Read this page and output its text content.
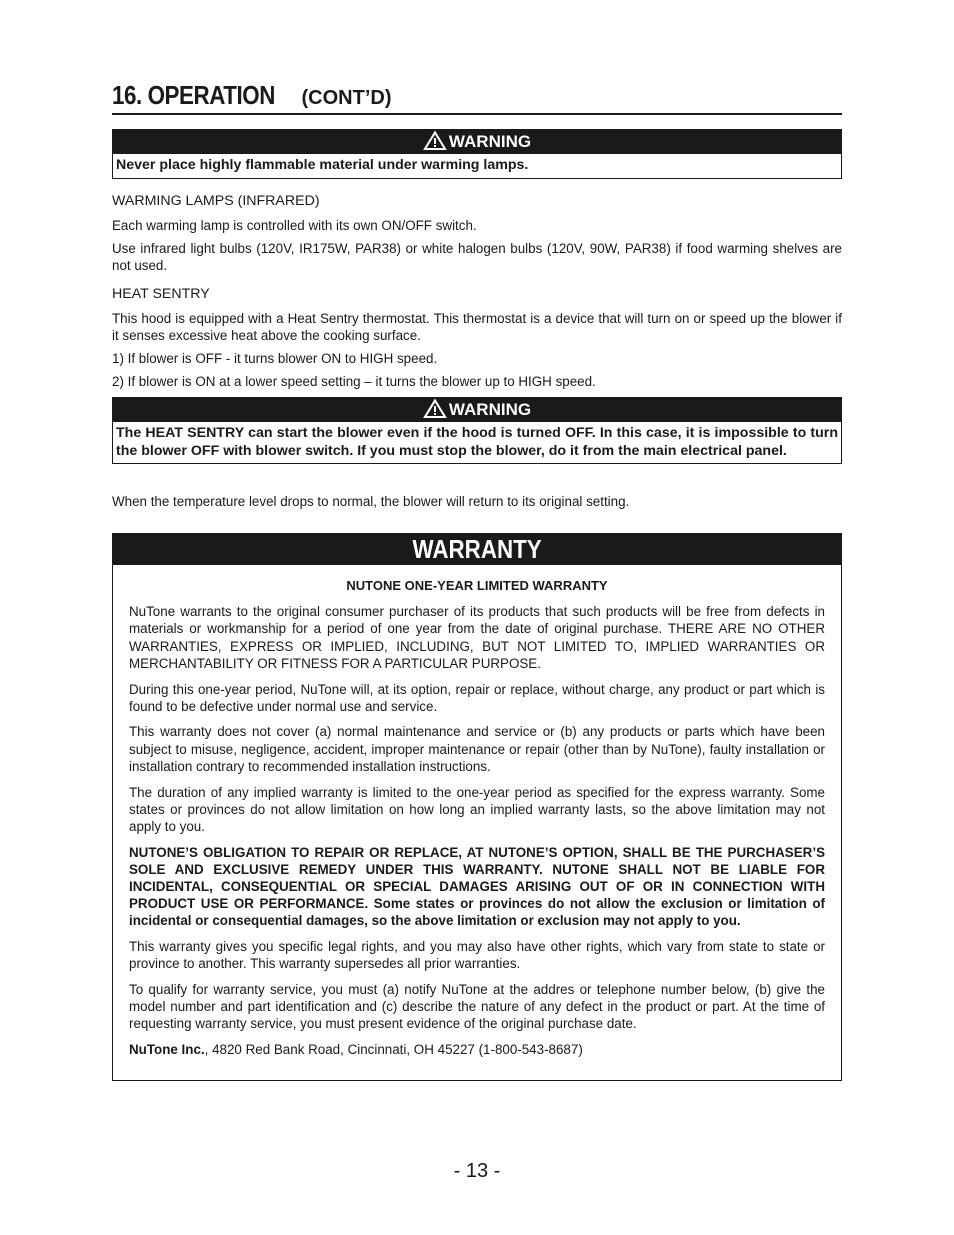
16. OPERATION (CONT’D)
WARNING
Never place highly flammable material under warming lamps.
WARMING LAMPS (INFRARED)
Each warming lamp is controlled with its own ON/OFF switch.
Use infrared light bulbs (120V, IR175W, PAR38) or white halogen bulbs (120V, 90W, PAR38) if food warming shelves are not used.
HEAT SENTRY
This hood is equipped with a Heat Sentry thermostat. This thermostat is a device that will turn on or speed up the blower if it senses excessive heat above the cooking surface.
1) If blower is OFF - it turns blower ON to HIGH speed.
2) If blower is ON at a lower speed setting – it turns the blower up to HIGH speed.
WARNING
The HEAT SENTRY can start the blower even if the hood is turned OFF. In this case, it is impossible to turn the blower OFF with blower switch. If you must stop the blower, do it from the main electrical panel.
When the temperature level drops to normal, the blower will return to its original setting.
WARRANTY

NUTONE ONE-YEAR LIMITED WARRANTY

NuTone warrants to the original consumer purchaser of its products that such products will be free from defects in materials or workmanship for a period of one year from the date of original purchase. THERE ARE NO OTHER WARRANTIES, EXPRESS OR IMPLIED, INCLUDING, BUT NOT LIMITED TO, IMPLIED WARRANTIES OR MERCHANTABILITY OR FITNESS FOR A PARTICULAR PURPOSE.

During this one-year period, NuTone will, at its option, repair or replace, without charge, any product or part which is found to be defective under normal use and service.

This warranty does not cover (a) normal maintenance and service or (b) any products or parts which have been subject to misuse, negligence, accident, improper maintenance or repair (other than by NuTone), faulty installation or installation contrary to recommended installation instructions.

The duration of any implied warranty is limited to the one-year period as specified for the express warranty. Some states or provinces do not allow limitation on how long an implied warranty lasts, so the above limitation may not apply to you.

NUTONE’S OBLIGATION TO REPAIR OR REPLACE, AT NUTONE’S OPTION, SHALL BE THE PURCHASER’S SOLE AND EXCLUSIVE REMEDY UNDER THIS WARRANTY. NUTONE SHALL NOT BE LIABLE FOR INCIDENTAL, CONSEQUENTIAL OR SPECIAL DAMAGES ARISING OUT OF OR IN CONNECTION WITH PRODUCT USE OR PERFORMANCE. Some states or provinces do not allow the exclusion or limitation of incidental or consequential damages, so the above limitation or exclusion may not apply to you.

This warranty gives you specific legal rights, and you may also have other rights, which vary from state to state or province to another. This warranty supersedes all prior warranties.

To qualify for warranty service, you must (a) notify NuTone at the addres or telephone number below, (b) give the model number and part identification and (c) describe the nature of any defect in the product or part. At the time of requesting warranty service, you must present evidence of the original purchase date.

NuTone Inc., 4820 Red Bank Road, Cincinnati, OH 45227 (1-800-543-8687)

- 13 -
